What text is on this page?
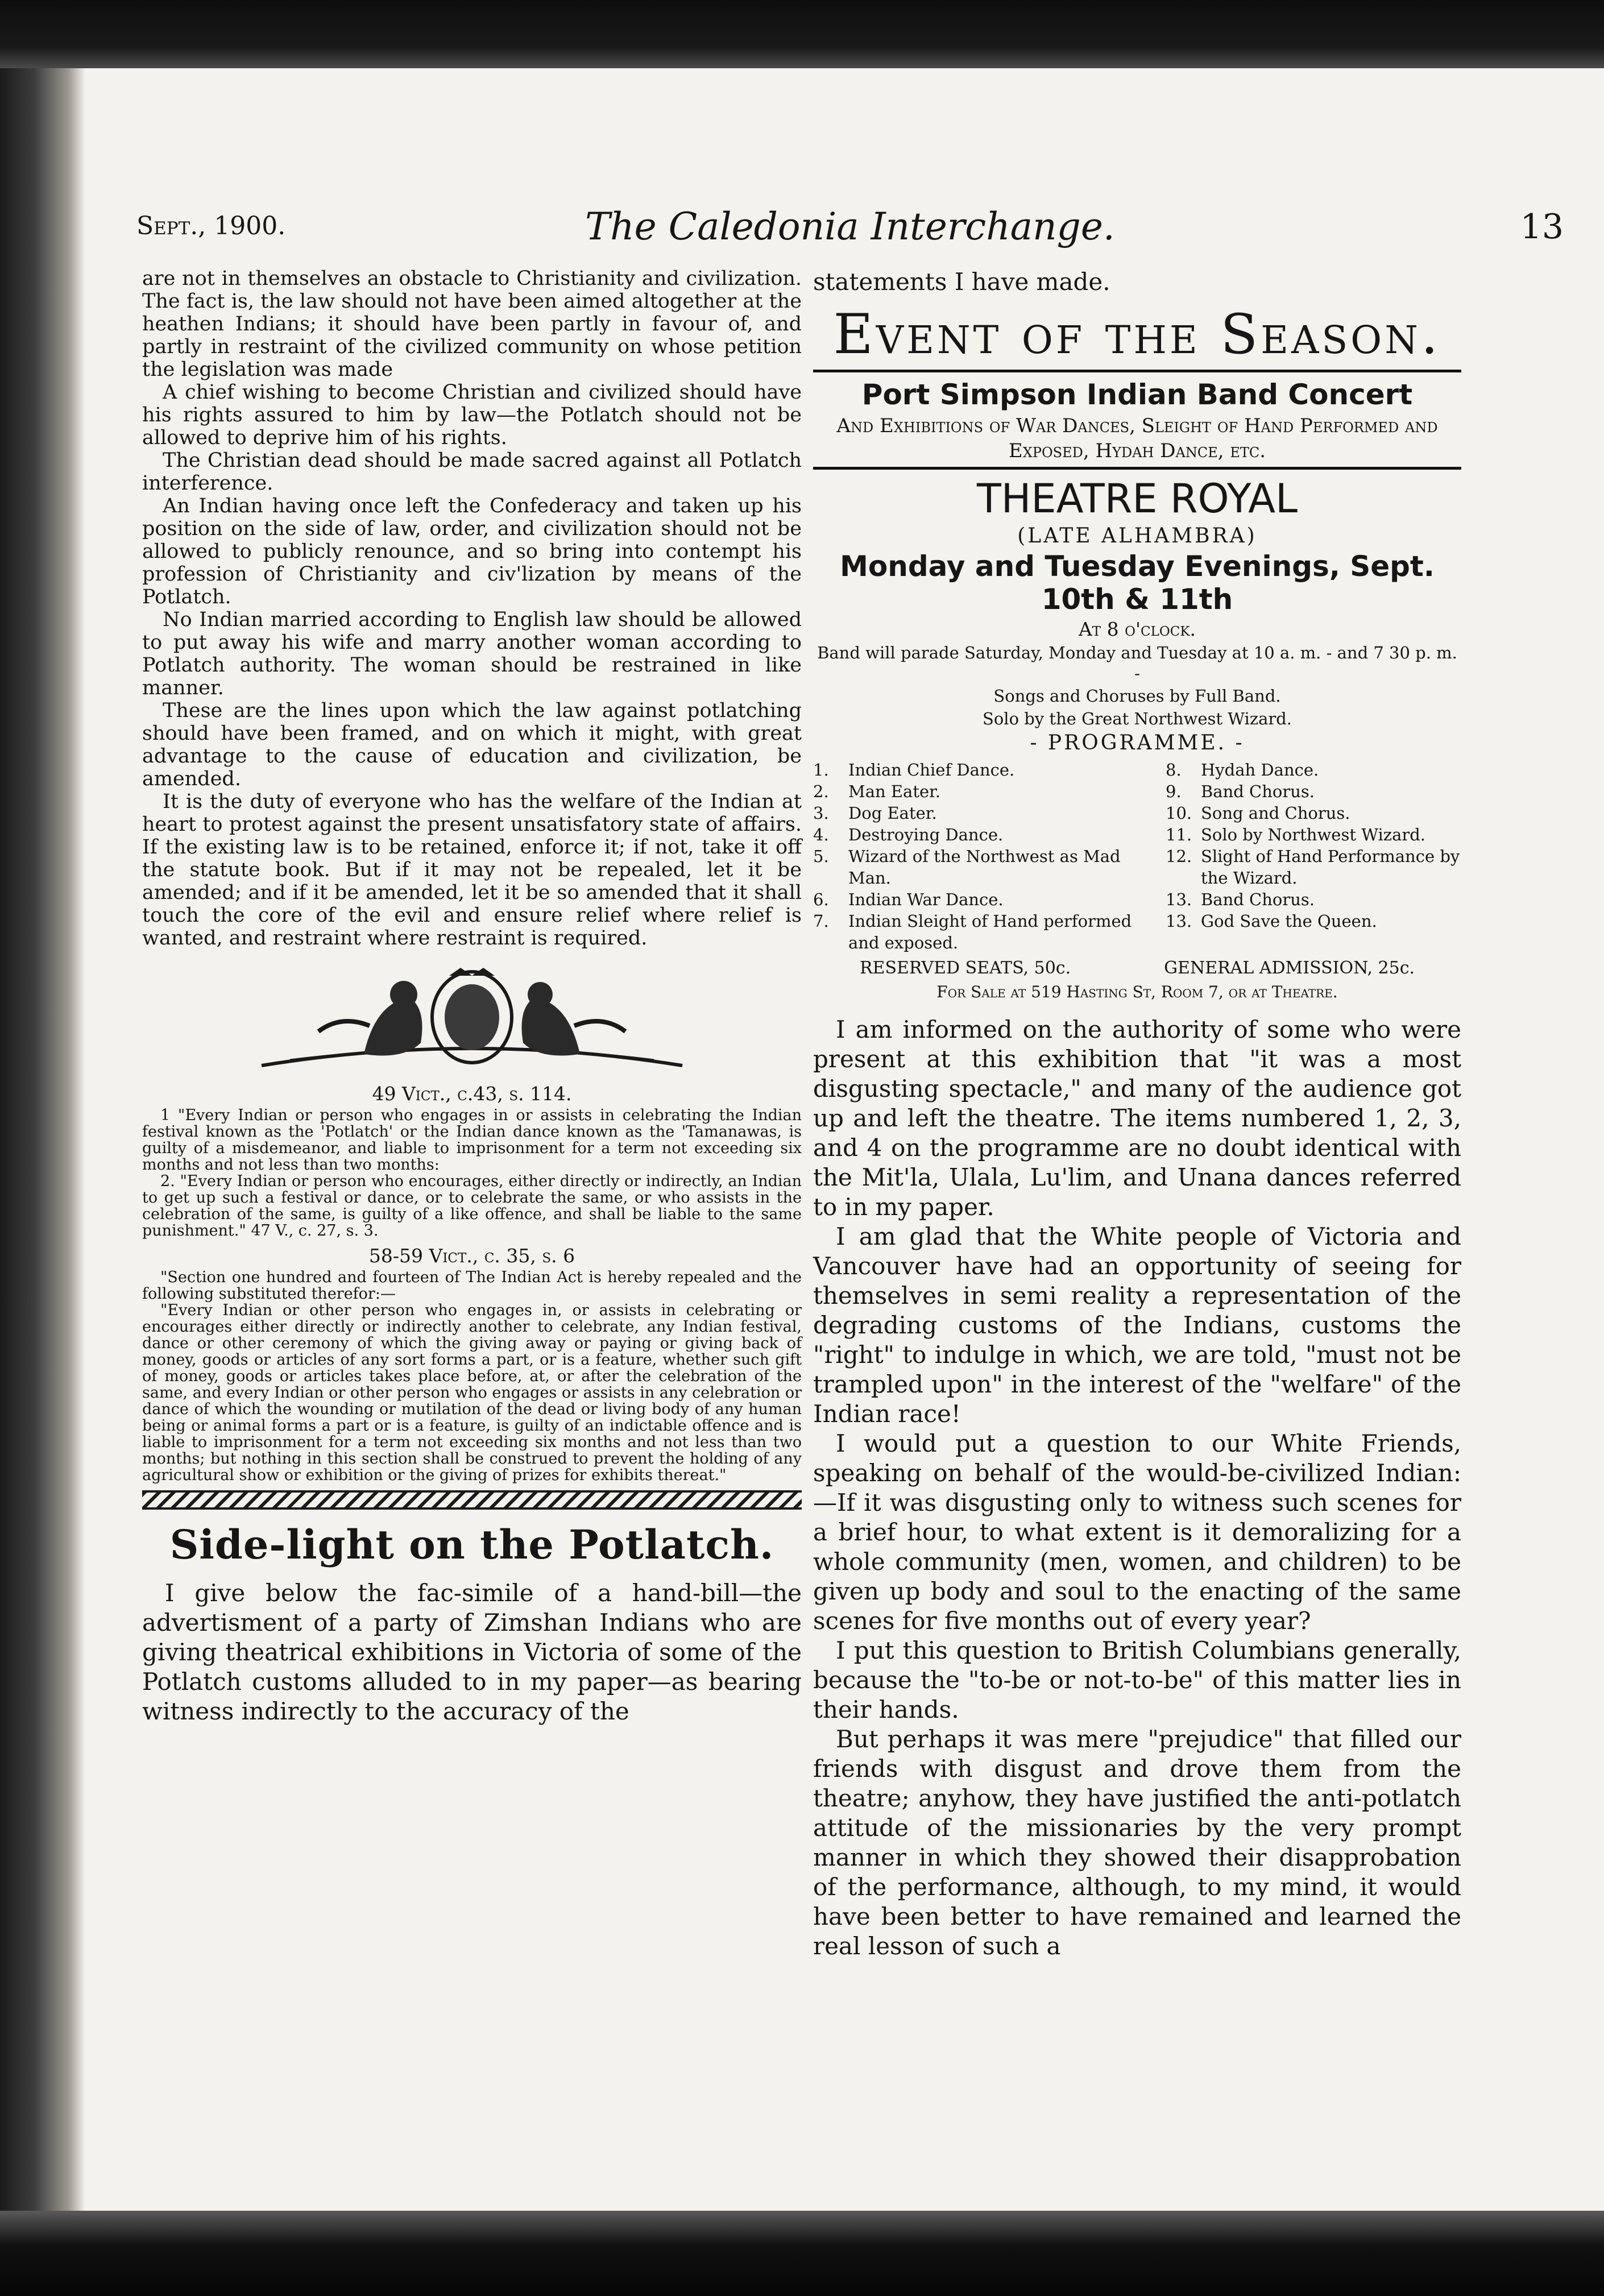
The Caledonia Interchange.
Sept., 1900.	13

are not in themselves an obstacle to Christianity and civilization. The fact is, the law should not have been aimed altogether at the heathen Indians; it should have been partly in favour of, and partly in restraint of the civilized community on whose petition the legislation was made

A chief wishing to become Christian and civilized should have his rights assured to him by law—the Potlatch should not be allowed to deprive him of his rights.

The Christian dead should be made sacred against all Potlatch interference.

An Indian having once left the Confederacy and taken up his position on the side of law, order, and civilization should not be allowed to publicly renounce, and so bring into contempt his profession of Christianity and civ'lization by means of the Potlatch.

No Indian married according to English law should be allowed to put away his wife and marry another woman according to Potlatch authority. The woman should be restrained in like manner.

These are the lines upon which the law against potlatching should have been framed, and on which it might, with great advantage to the cause of education and civilization, be amended.

It is the duty of everyone who has the welfare of the Indian at heart to protest against the present unsatisfatory state of affairs. If the existing law is to be retained, enforce it; if not, take it off the statute book. But if it may not be repealed, let it be amended; and if it be amended, let it be so amended that it shall touch the core of the evil and ensure relief where relief is wanted, and restraint where restraint is required.

49 Vict., c.43, s. 114.

1 "Every Indian or person who engages in or assists in celebrating the Indian festival known as the 'Potlatch' or the Indian dance known as the 'Tamanawas, is guilty of a misdemeanor, and liable to imprisonment for a term not exceeding six months and not less than two months:

2. "Every Indian or person who encourages, either directly or indirectly, an Indian to get up such a festival or dance, or to celebrate the same, or who assists in the celebration of the same, is guilty of a like offence, and shall be liable to the same punishment." 47 V., c. 27, s. 3.

58-59 Vict., c. 35, s. 6

"Section one hundred and fourteen of The Indian Act is hereby repealed and the following substituted therefor:—

"Every Indian or other person who engages in, or assists in celebrating or encourages either directly or indirectly another to celebrate, any Indian festival, dance or other ceremony of which the giving away or paying or giving back of money, goods or articles of any sort forms a part, or is a feature, whether such gift of money, goods or articles takes place before, at, or after the celebration of the same, and every Indian or other person who engages or assists in any celebration or dance of which the wounding or mutilation of the dead or living body of any human being or animal forms a part or is a feature, is guilty of an indictable offence and is liable to imprisonment for a term not exceeding six months and not less than two months; but nothing in this section shall be construed to prevent the holding of any agricultural show or exhibition or the giving of prizes for exhibits thereat."

Side-light on the Potlatch.

I give below the fac-simile of a hand-bill—the advertisment of a party of Zimshan Indians who are giving theatrical exhibitions in Victoria of some of the Potlatch customs alluded to in my paper—as bearing witness indirectly to the accuracy of the

statements I have made.

Event of the Season.

Port Simpson Indian Band Concert

And Exhibitions of War Dances, Sleight of Hand Performed and Exposed, Hydah Dance, etc.

THEATRE ROYAL

(LATE ALHAMBRA)

Monday and Tuesday Evenings, Sept. 10th & 11th

At 8 o'clock.

Band will parade Saturday, Monday and Tuesday at 10 a. m. - and 7 30 p. m. -

Songs and Choruses by Full Band.

Solo by the Great Northwest Wizard.

- PROGRAMME. -

1.	Indian Chief Dance.
2.	Man Eater.
3.	Dog Eater.
4.	Destroying Dance.
5.	Wizard of the Northwest as Mad Man.
6.	Indian War Dance.
7.	Indian Sleight of Hand performed and exposed.
8.	Hydah Dance.
9.	Band Chorus.
10. Song and Chorus.
11. Solo by Northwest Wizard.
12. Slight of Hand Performance by the Wizard.
13. Band Chorus.
13. God Save the Queen.
RESERVED SEATS, 50c.	GENERAL ADMISSION, 25c.

For Sale at 519 Hasting St, Room 7, or at Theatre.

I am informed on the authority of some who were present at this exhibition that "it was a most disgusting spectacle," and many of the audience got up and left the theatre. The items numbered 1, 2, 3, and 4 on the programme are no doubt identical with the Mit'la, Ulala, Lu'lim, and Unana dances referred to in my paper.

I am glad that the White people of Victoria and Vancouver have had an opportunity of seeing for themselves in semi reality a representation of the degrading customs of the Indians, customs the "right" to indulge in which, we are told, "must not be trampled upon" in the interest of the "welfare" of the Indian race!

I would put a question to our White Friends, speaking on behalf of the would-be-civilized Indian:—If it was disgusting only to witness such scenes for a brief hour, to what extent is it demoralizing for a whole community (men, women, and children) to be given up body and soul to the enacting of the same scenes for five months out of every year?

I put this question to British Columbians generally, because the "to-be or not-to-be" of this matter lies in their hands.

But perhaps it was mere "prejudice" that filled our friends with disgust and drove them from the theatre; anyhow, they have justified the anti-potlatch attitude of the missionaries by the very prompt manner in which they showed their disapprobation of the performance, although, to my mind, it would have been better to have remained and learned the real lesson of such a
